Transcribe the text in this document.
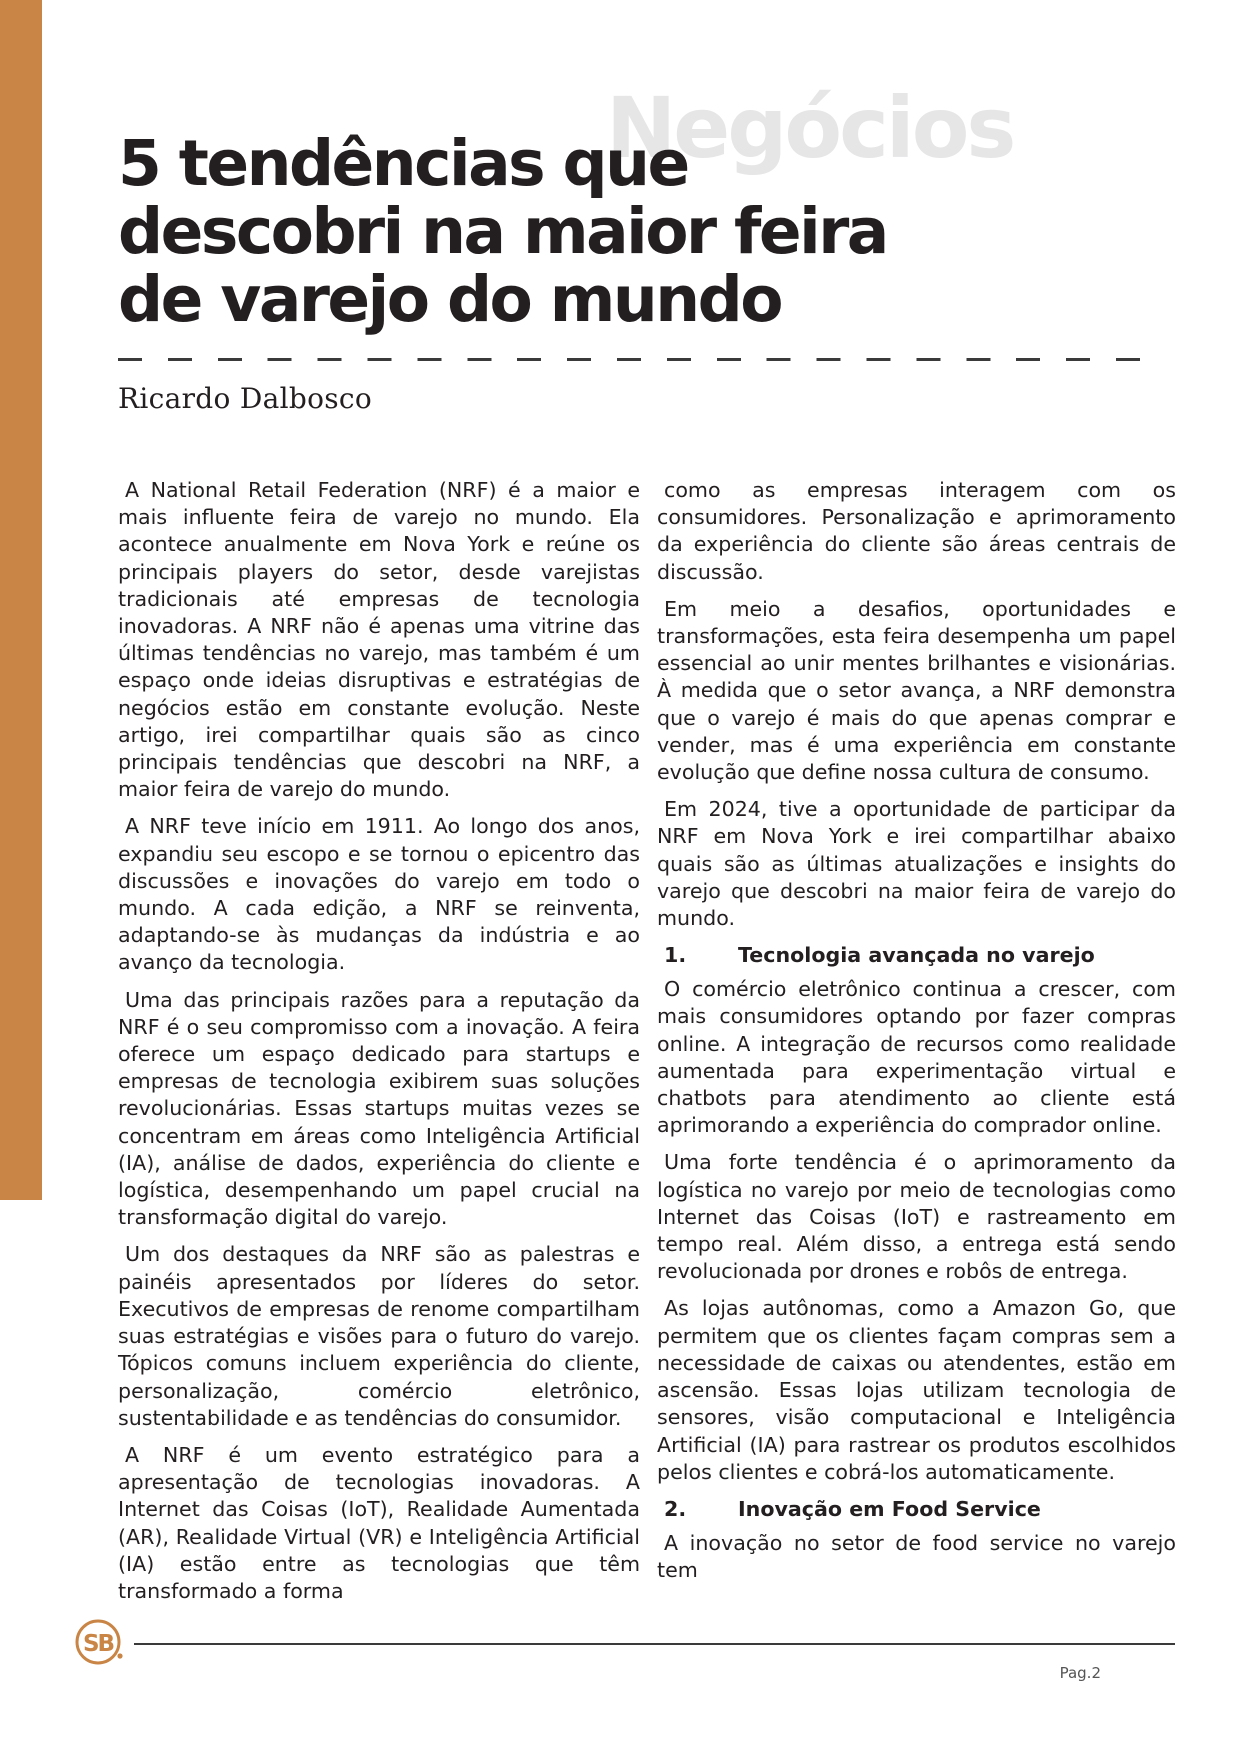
Negócios
5 tendências que
descobri na maior feira
de varejo do mundo
Ricardo Dalbosco

A National Retail Federation (NRF) é a maior e mais influente feira de varejo no mundo. Ela acontece anualmente em Nova York e reúne os principais players do setor, desde varejistas tradicionais até empresas de tecnologia inovadoras. A NRF não é apenas uma vitrine das últimas tendências no varejo, mas também é um espaço onde ideias disruptivas e estratégias de negócios estão em constante evolução. Neste artigo, irei compartilhar quais são as cinco principais tendências que descobri na NRF, a maior feira de varejo do mundo.

A NRF teve início em 1911. Ao longo dos anos, expandiu seu escopo e se tornou o epicentro das discussões e inovações do varejo em todo o mundo. A cada edição, a NRF se reinventa, adaptando-se às mudanças da indústria e ao avanço da tecnologia.

Uma das principais razões para a reputação da NRF é o seu compromisso com a inovação. A feira oferece um espaço dedicado para startups e empresas de tecnologia exibirem suas soluções revolucionárias. Essas startups muitas vezes se concentram em áreas como Inteligência Artificial (IA), análise de dados, experiência do cliente e logística, desempenhando um papel crucial na transformação digital do varejo.

Um dos destaques da NRF são as palestras e painéis apresentados por líderes do setor. Executivos de empresas de renome compartilham suas estratégias e visões para o futuro do varejo. Tópicos comuns incluem experiência do cliente, personalização, comércio eletrônico, sustentabilidade e as tendências do consumidor.

A NRF é um evento estratégico para a apresentação de tecnologias inovadoras. A Internet das Coisas (IoT), Realidade Aumentada (AR), Realidade Virtual (VR) e Inteligência Artificial (IA) estão entre as tecnologias que têm transformado a forma

como as empresas interagem com os consumidores. Personalização e aprimoramento da experiência do cliente são áreas centrais de discussão.

Em meio a desafios, oportunidades e transformações, esta feira desempenha um papel essencial ao unir mentes brilhantes e visionárias. À medida que o setor avança, a NRF demonstra que o varejo é mais do que apenas comprar e vender, mas é uma experiência em constante evolução que define nossa cultura de consumo.

Em 2024, tive a oportunidade de participar da NRF em Nova York e irei compartilhar abaixo quais são as últimas atualizações e insights do varejo que descobri na maior feira de varejo do mundo.

1.	Tecnologia avançada no varejo

O comércio eletrônico continua a crescer, com mais consumidores optando por fazer compras online. A integração de recursos como realidade aumentada para experimentação virtual e chatbots para atendimento ao cliente está aprimorando a experiência do comprador online.

Uma forte tendência é o aprimoramento da logística no varejo por meio de tecnologias como Internet das Coisas (IoT) e rastreamento em tempo real. Além disso, a entrega está sendo revolucionada por drones e robôs de entrega.

As lojas autônomas, como a Amazon Go, que permitem que os clientes façam compras sem a necessidade de caixas ou atendentes, estão em ascensão. Essas lojas utilizam tecnologia de sensores, visão computacional e Inteligência Artificial (IA) para rastrear os produtos escolhidos pelos clientes e cobrá-los automaticamente.

2.	Inovação em Food Service

A inovação no setor de food service no varejo tem

SB
Pag.2
